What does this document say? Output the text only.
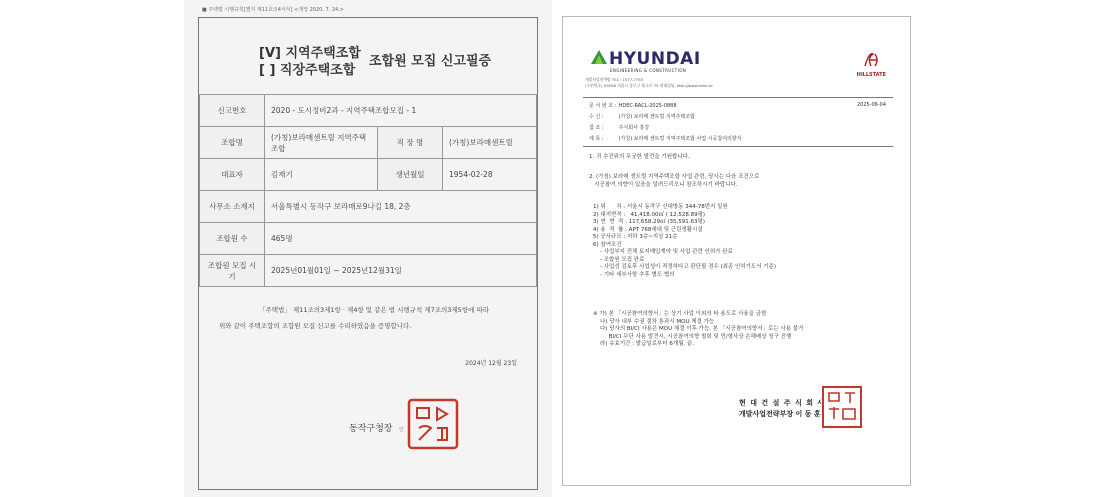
■ 주택법 시행규칙[별지 제11호의4서식] <개정 2020. 7. 24.>
[V] 지역주택조합
[ ] 직장주택조합
조합원 모집 신고필증
신고번호	2020 - 도시정비2과 - 지역주택조합모집 - 1		
조합명	(가칭)보라매센트릴 지역주택조합	직 장 명	(가칭)보라매센트릴
대표자	김재기	생년월일	1954-02-28
사무소 소재지	서울특별시 동작구 보라매로9나길 18, 2층		
조합원 수	465명		
조합원 모집 시기	2025년01월01일 ~ 2025년12월31일		
「주택법」 제11조의3제1항 · 제4항 및 같은 법 시행규칙 제7조의3제5항에 따라
위와 같이 주택조합의 조합원 모집 신고를 수리하였음을 증명합니다.
2024년 12월 23일
동작구청장 인
HYUNDAI
ENGINEERING & CONSTRUCTION
HILLSTATE
개발사업전략팀 TEL : 1577-7755
(우편번호) 03058 서울시 종로구 율곡로 75 현대빌딩, http://www.hdec.kr
문 서 번 호 : HDEC-RACL-2025-0888	2025-06-04
수 신 :	(가칭) 보라매 센트럴 지역주택조합
참 조 :	주식회사 흥강
제 목 :	(가칭) 보라매 센트럴 지역주택조합 사업 시공참여의향서
1. 귀 추진위의 무궁한 발전을 기원합니다.
2. (가칭) 보라매 센트럴 지역주택조합 사업 관련, 당사는 다음 조건으로
시공참여 의향이 있음을 알려드리오니 참조하시기 바랍니다.
1) 위      치 : 서울시 동작구 신대방동 344-78번지 일원
2) 대지면적 :   41,418.00㎡ ( 12,528.89평)
3) 연  면  적 : 117,658.29㎡ (35,591.63평)
4) 용  적  률 : APT 768세대 및 근린생활시설
5) 공사규모 : 지하 3층~지상 21층
6) 참여조건
- 사업부지 전체 토지매입계약 및 사업 관련 인허가 완료
- 조합원 모집 완료
- 사업성 검토후 사업성이 적정하다고 판단될 경우 (최종 인허가도서 기준)
- 기타 세부사항 추후 별도 협의
※ 가) 본 「시공참여의향서」는 상기 사업 이외의 타 용도로 사용을 금함
나) 당사 내부 수권 절차 통과시 MOU 체결 가능
다) 당사의 BI/CI 사용은 MOU 체결 이후 가능, 본 「시공참여의향서」로는 사용 불가
BI/CI 무단 사용 발견시, 시공참여의향 철회 및 민/형사상 손해배상 청구 진행
라) 유효기간 : 발급일로부터 6개월. 끝.
현 대 건 설 주 식 회 사
개발사업전략부장 이 동 훈
